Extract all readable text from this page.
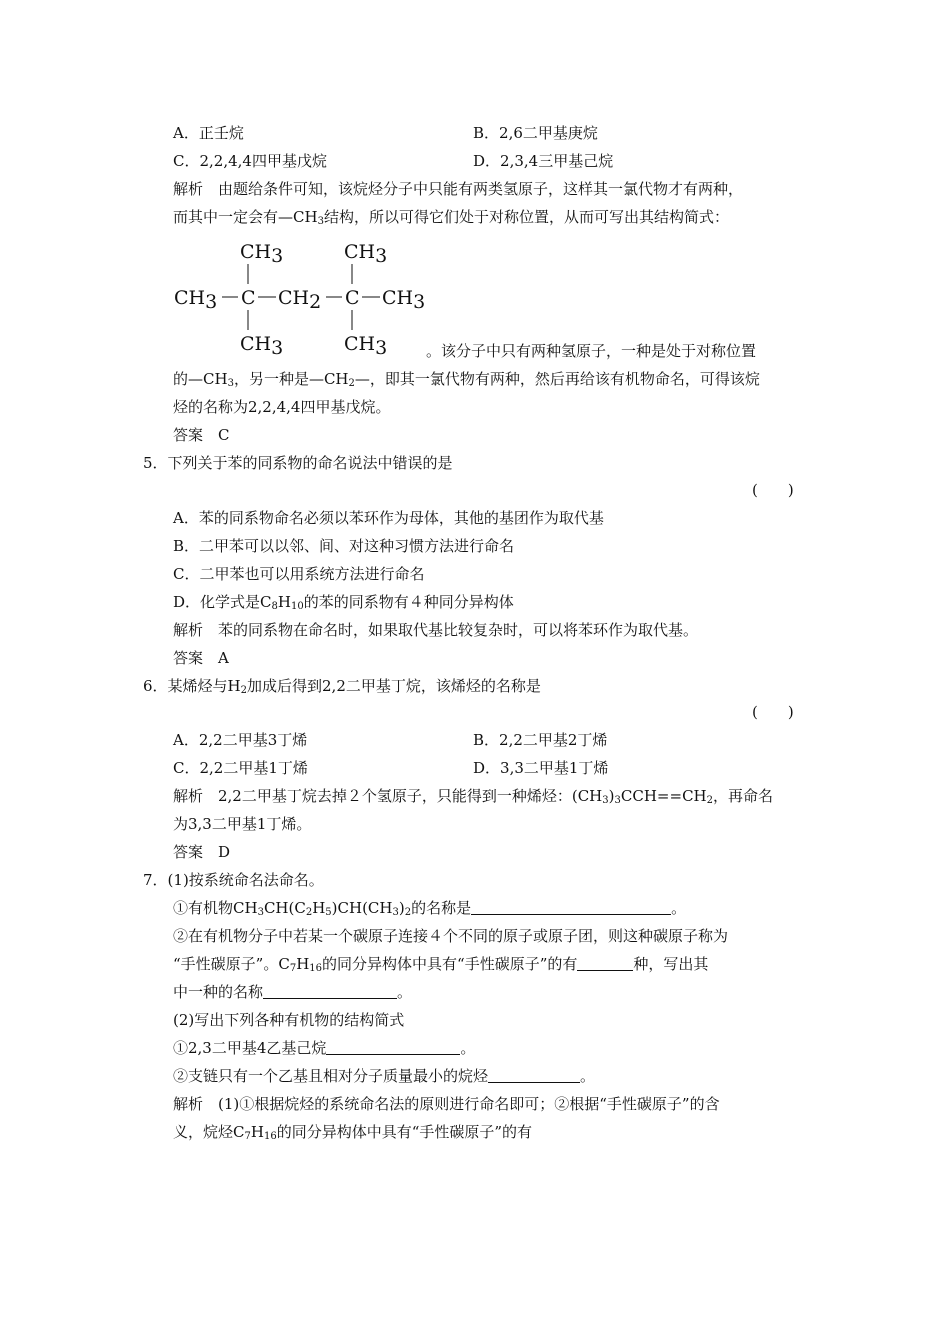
A．正壬烷	B．2,6二甲基庚烷
C．2,2,4,4四甲基戊烷	D．2,3,4三甲基己烷
解析　由题给条件可知，该烷烃分子中只能有两类氢原子，这样其一氯代物才有两种，
而其中一定会有$—CH_3$结构，所以可得它们处于对称位置，从而可写出其结构简式：
CH3	CH3
CH3 C CH2 C CH3
CH3	CH3	。该分子中只有两种氢原子，一种是处于对称位置
的$—CH_3$，另一种是$—CH_2—$，即其一氯代物有两种，然后再给该有机物命名，可得该烷
烃的名称为2,2,4,4四甲基戊烷。
答案　C
5．下列关于苯的同系物的命名说法中错误的是
(　　)
A．苯的同系物命名必须以苯环作为母体，其他的基团作为取代基
B．二甲苯可以以邻、间、对这种习惯方法进行命名
C．二甲苯也可以用系统方法进行命名
D．化学式是$C_8H_{10}$的苯的同系物有４种同分异构体
解析　苯的同系物在命名时，如果取代基比较复杂时，可以将苯环作为取代基。
答案　A
6．某烯烃与$H_2$加成后得到2,2二甲基丁烷，该烯烃的名称是
(　　)
A．2,2二甲基3丁烯	B．2,2二甲基2丁烯
C．2,2二甲基1丁烯	D．3,3二甲基1丁烯
解析　2,2二甲基丁烷去掉２个氢原子，只能得到一种烯烃：$(CH_3)_3CCH==CH_2$，再命名
为3,3二甲基1丁烯。
答案　D
7．(1)按系统命名法命名。
①有机物$CH_3CH(C_2H_5)CH(CH_3)_2$的名称是	。
②在有机物分子中若某一个碳原子连接４个不同的原子或原子团，则这种碳原子称为
“手性碳原子”。$C_7H_{16}$的同分异构体中具有“手性碳原子”的有	种，写出其
中一种的名称	。
(2)写出下列各种有机物的结构简式
①2,3二甲基4乙基己烷	。
②支链只有一个乙基且相对分子质量最小的烷烃	。
解析　(1)①根据烷烃的系统命名法的原则进行命名即可；②根据“手性碳原子”的含
义，烷烃$C_7H_{16}$的同分异构体中具有“手性碳原子”的有
